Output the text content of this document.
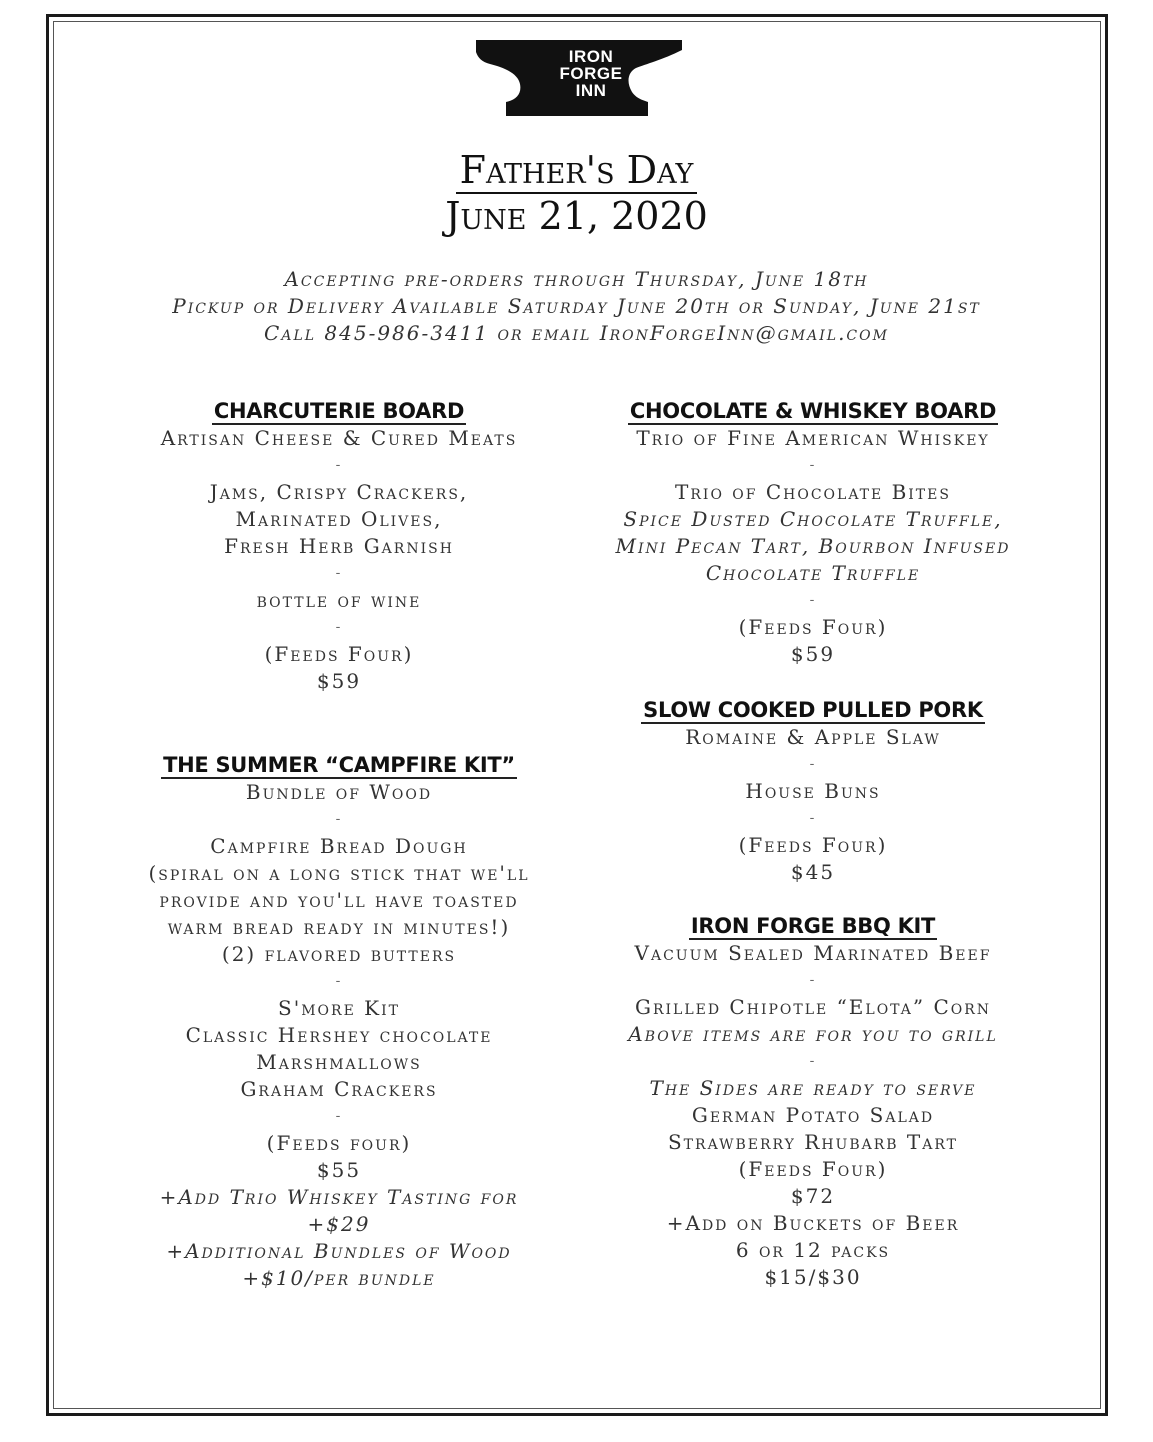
IRON
FORGE
INN
Father's Day
June 21, 2020
Accepting pre-orders through Thursday, June 18th
Pickup or Delivery Available Saturday June 20th or Sunday, June 21st
Call 845-986-3411 or email IronForgeInn@gmail.com
CHARCUTERIE BOARD
Artisan Cheese & Cured Meats
-
Jams, Crispy Crackers,
Marinated Olives,
Fresh Herb Garnish
-
bottle of wine
-
(Feeds Four)
$59
THE SUMMER “CAMPFIRE KIT”
Bundle of Wood
-
Campfire Bread Dough
(spiral on a long stick that we'll
provide and you'll have toasted
warm bread ready in minutes!)
(2) flavored butters
-
S'more Kit
Classic Hershey chocolate
Marshmallows
Graham Crackers
-
(Feeds four)
$55
+Add Trio Whiskey Tasting for
+$29
+Additional Bundles of Wood
+$10/per bundle
CHOCOLATE & WHISKEY BOARD
Trio of Fine American Whiskey
-
Trio of Chocolate Bites
Spice Dusted Chocolate Truffle,
Mini Pecan Tart, Bourbon Infused
Chocolate Truffle
-
(Feeds Four)
$59
SLOW COOKED PULLED PORK
Romaine & Apple Slaw
-
House Buns
-
(Feeds Four)
$45
IRON FORGE BBQ KIT
Vacuum Sealed Marinated Beef
-
Grilled Chipotle “Elota” Corn
Above items are for you to grill
-
The Sides are ready to serve
German Potato Salad
Strawberry Rhubarb Tart
(Feeds Four)
$72
+Add on Buckets of Beer
6 or 12 packs
$15/$30
